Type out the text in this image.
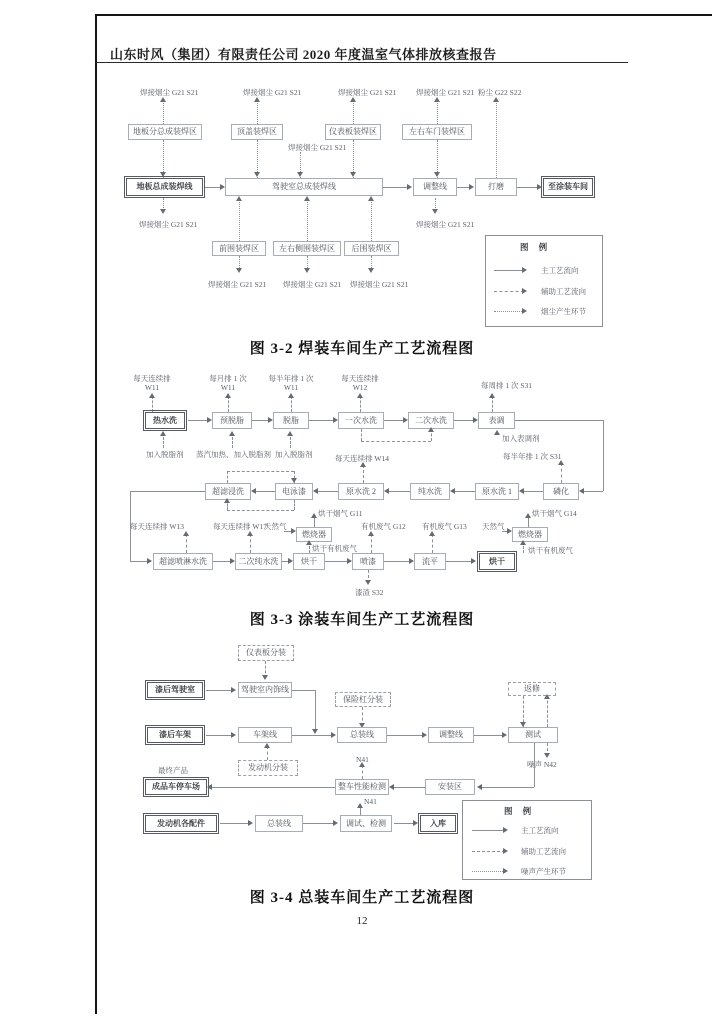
山东时风（集团）有限责任公司 2020 年度温室气体排放核查报告
焊接烟尘 G21 S21	焊接烟尘 G21 S21	焊接烟尘 G21 S21	焊接烟尘 G21 S21 粉尘 G22 S22
地板分总成装焊区	顶盖装焊区	仪表板装焊区	左右车门装焊区
焊接烟尘 G21 S21
地板总成装焊线	驾驶室总成装焊线	调整线	打磨	至涂装车间
焊接烟尘 G21 S21	焊接烟尘 G21 S21
前围装焊区	左右侧围装焊区	后围装焊区
焊接烟尘 G21 S21 焊接烟尘 G21 S21 焊接烟尘 G21 S21
图 例
主工艺流向
辅助工艺流向
烟尘产生环节
图 3-2 焊装车间生产工艺流程图
每天连续排
W11
每月排 1 次
W11
每半年排 1 次
W11
每天连续排
W12	每周排 1 次 S31
热水洗	预脱脂	脱脂	一次水洗	二次水洗	表调
加入脱脂剂 蒸汽加热、加入脱脂剂 加入脱脂剂	每天连续排 W14
加入表调剂
每半年排 1 次 S31
超滤浸洗	电泳漆	原水洗 2	纯水洗	原水洗 1	磷化
每天连续排 W13	每天连续排 W17
天然气
燃烧器
烘干烟气 G11
烘干有机废气
有机废气 G12 有机废气 G13 天然气
燃烧器
烘干烟气 G14
烘干有机废气
超滤喷淋水洗	二次纯水洗	烘干	喷漆	流平	烘干
漆渣 S32
图 3-3 涂装车间生产工艺流程图
仪表板分装
漆后驾驶室	驾驶室内饰线
保险杠分装
返修
噪声 N42
漆后车架	车架线	总装线	调整线	测试
发动机分装
成品车停车场	整车性能检测	安装区
最终产品
N41
发动机各配件	总装线	调试、检测	入库
N41
图 例
主工艺流向
辅助工艺流向
噪声产生环节
图 3-4 总装车间生产工艺流程图
12
